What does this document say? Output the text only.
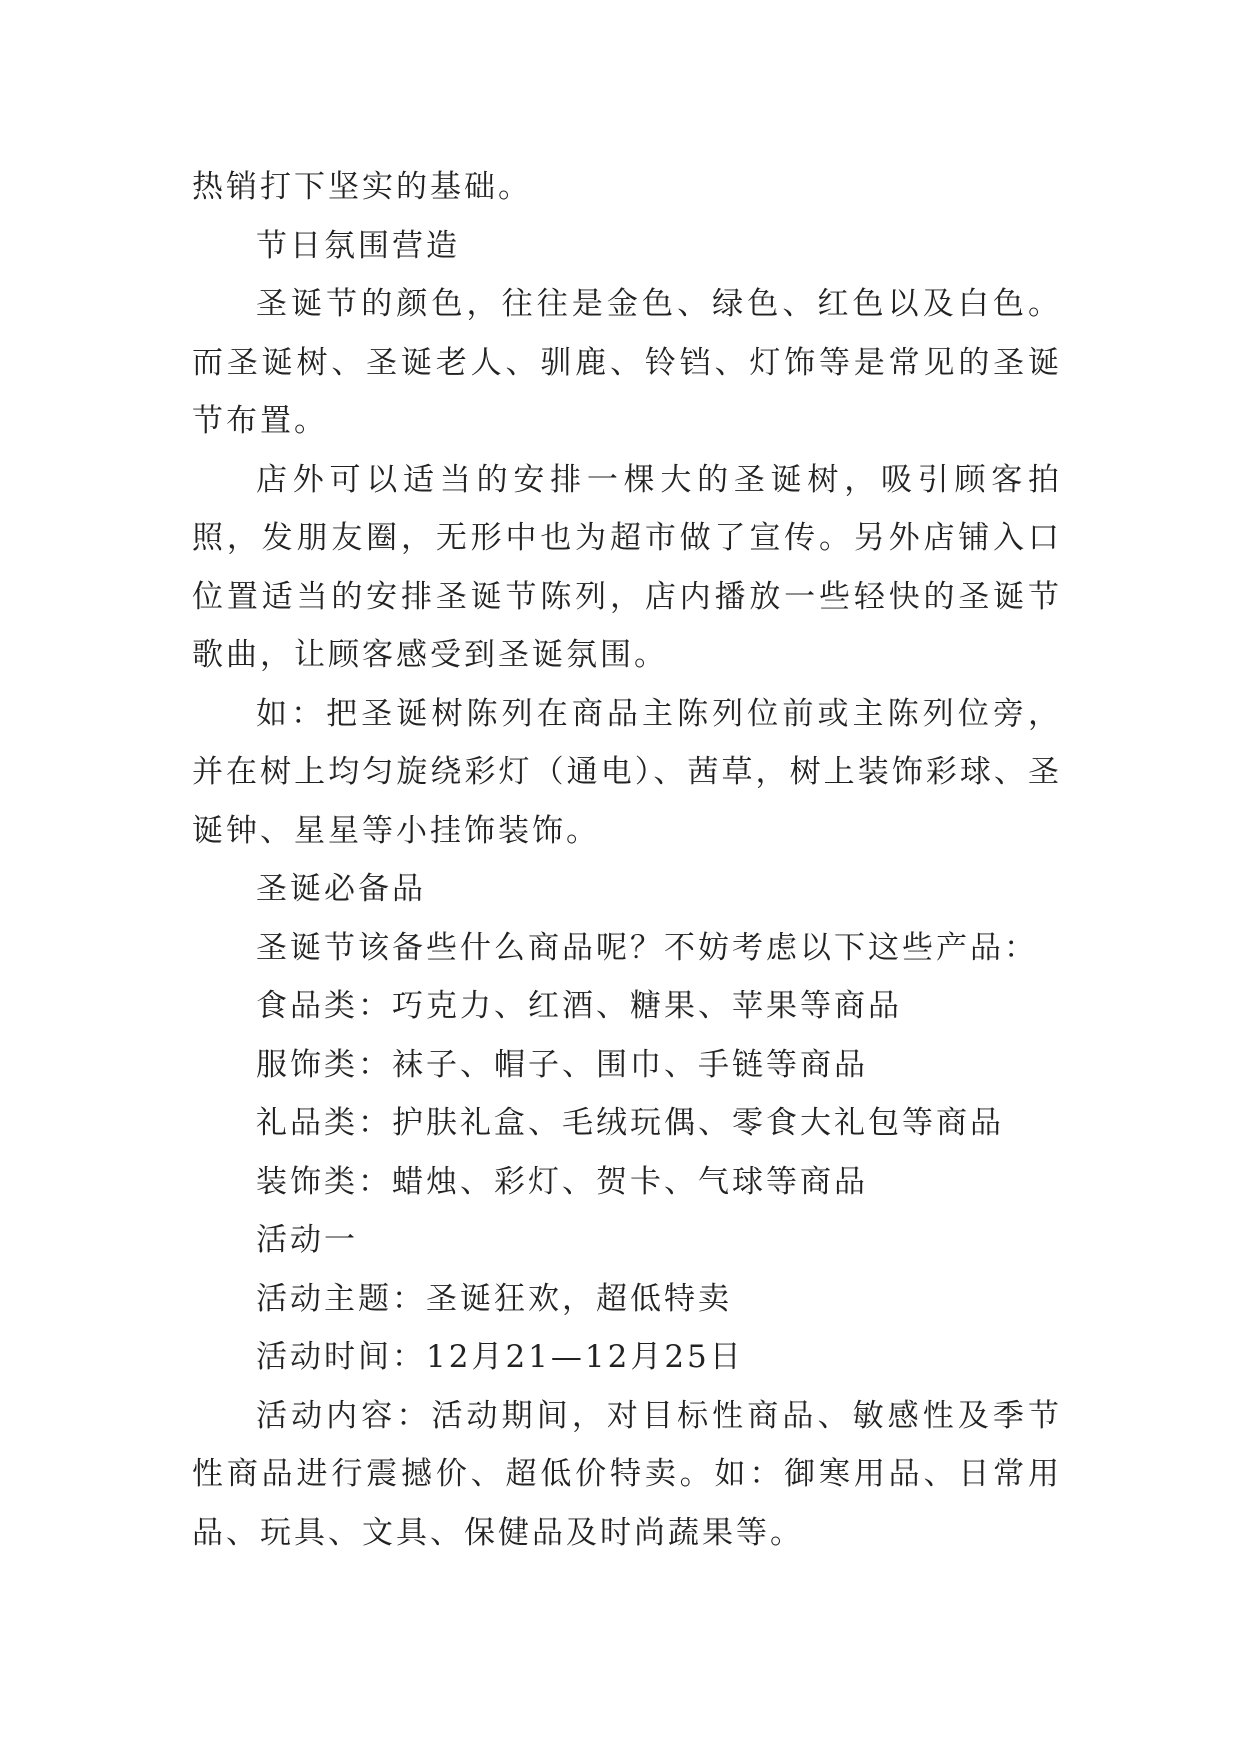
热销打下坚实的基础。

节日氛围营造

圣诞节的颜色，往往是金色、绿色、红色以及白色。而圣诞树、圣诞老人、驯鹿、铃铛、灯饰等是常见的圣诞节布置。

店外可以适当的安排一棵大的圣诞树，吸引顾客拍照，发朋友圈，无形中也为超市做了宣传。另外店铺入口位置适当的安排圣诞节陈列，店内播放一些轻快的圣诞节歌曲，让顾客感受到圣诞氛围。

如：把圣诞树陈列在商品主陈列位前或主陈列位旁，并在树上均匀旋绕彩灯（通电）、茜草，树上装饰彩球、圣诞钟、星星等小挂饰装饰。

圣诞必备品

圣诞节该备些什么商品呢？不妨考虑以下这些产品：

食品类：巧克力、红酒、糖果、苹果等商品

服饰类：袜子、帽子、围巾、手链等商品

礼品类：护肤礼盒、毛绒玩偶、零食大礼包等商品

装饰类：蜡烛、彩灯、贺卡、气球等商品

活动一

活动主题：圣诞狂欢，超低特卖

活动时间：12月21—12月25日

活动内容：活动期间，对目标性商品、敏感性及季节性商品进行震撼价、超低价特卖。如：御寒用品、日常用品、玩具、文具、保健品及时尚蔬果等。
